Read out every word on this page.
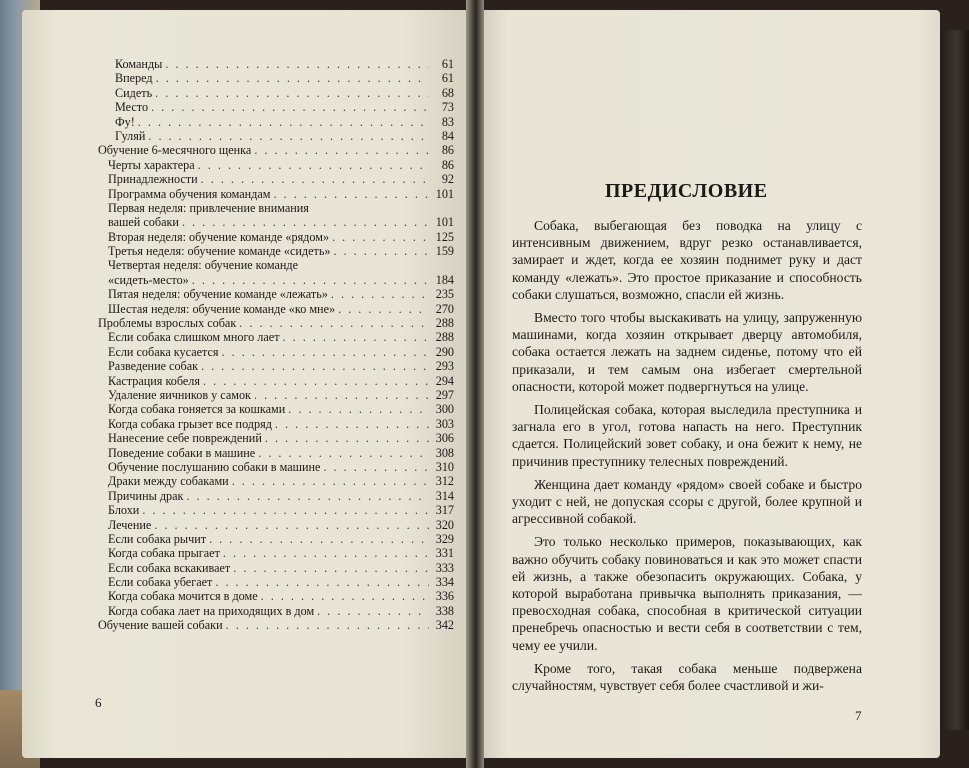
Команды . . .	61
Вперед . . .	61
Сидеть . . .	68
Место . . .	73
Фу! . . .	83
Гуляй . . .	84
Обучение 6-месячного щенка . . .	86
Черты характера . . .	86
Принадлежности . . .	92
Программа обучения командам . . .	101
Первая неделя: привлечение внимания
вашей собаки . . .	101
Вторая неделя: обучение команде «рядом» . . .	125
Третья неделя: обучение команде «сидеть» . . .	159
Четвертая неделя: обучение команде
«сидеть-место» . . .	184
Пятая неделя: обучение команде «лежать» . . .	235
Шестая неделя: обучение команде «ко мне» . . .	270
Проблемы взрослых собак . . .	288
Если собака слишком много лает . . .	288
Если собака кусается . . .	290
Разведение собак . . .	293
Кастрация кобеля . . .	294
Удаление яичников у самок . . .	297
Когда собака гоняется за кошками . . .	300
Когда собака грызет все подряд . . .	303
Нанесение себе повреждений . . .	306
Поведение собаки в машине . . .	308
Обучение послушанию собаки в машине . . .	310
Драки между собаками . . .	312
Причины драк . . .	314
Блохи . . .	317
Лечение . . .	320
Если собака рычит . . .	329
Когда собака прыгает . . .	331
Если собака вскакивает . . .	333
Если собака убегает . . .	334
Когда собака мочится в доме . . .	336
Когда собака лает на приходящих в дом . . .	338
Обучение вашей собаки . . .	342
6
ПРЕДИСЛОВИЕ

Собака, выбегающая без поводка на улицу с интенсивным движением, вдруг резко останавливается, замирает и ждет, когда ее хозяин поднимет руку и даст команду «лежать». Это простое приказание и способность собаки слушаться, возможно, спасли ей жизнь.

Вместо того чтобы выскакивать на улицу, запруженную машинами, когда хозяин открывает дверцу автомобиля, собака остается лежать на заднем сиденье, потому что ей приказали, и тем самым она избегает смертельной опасности, которой может подвергнуться на улице.

Полицейская собака, которая выследила преступника и загнала его в угол, готова напасть на него. Преступник сдается. Полицейский зовет собаку, и она бежит к нему, не причинив преступнику телесных повреждений.

Женщина дает команду «рядом» своей собаке и быстро уходит с ней, не допуская ссоры с другой, более крупной и агрессивной собакой.

Это только несколько примеров, показывающих, как важно обучить собаку повиноваться и как это может спасти ей жизнь, а также обезопасить окружающих. Собака, у которой выработана привычка выполнять приказания, — превосходная собака, способная в критической ситуации пренебречь опасностью и вести себя в соответствии с тем, чему ее учили.

Кроме того, такая собака меньше подвержена случайностям, чувствует себя более счастливой и жи-

7
